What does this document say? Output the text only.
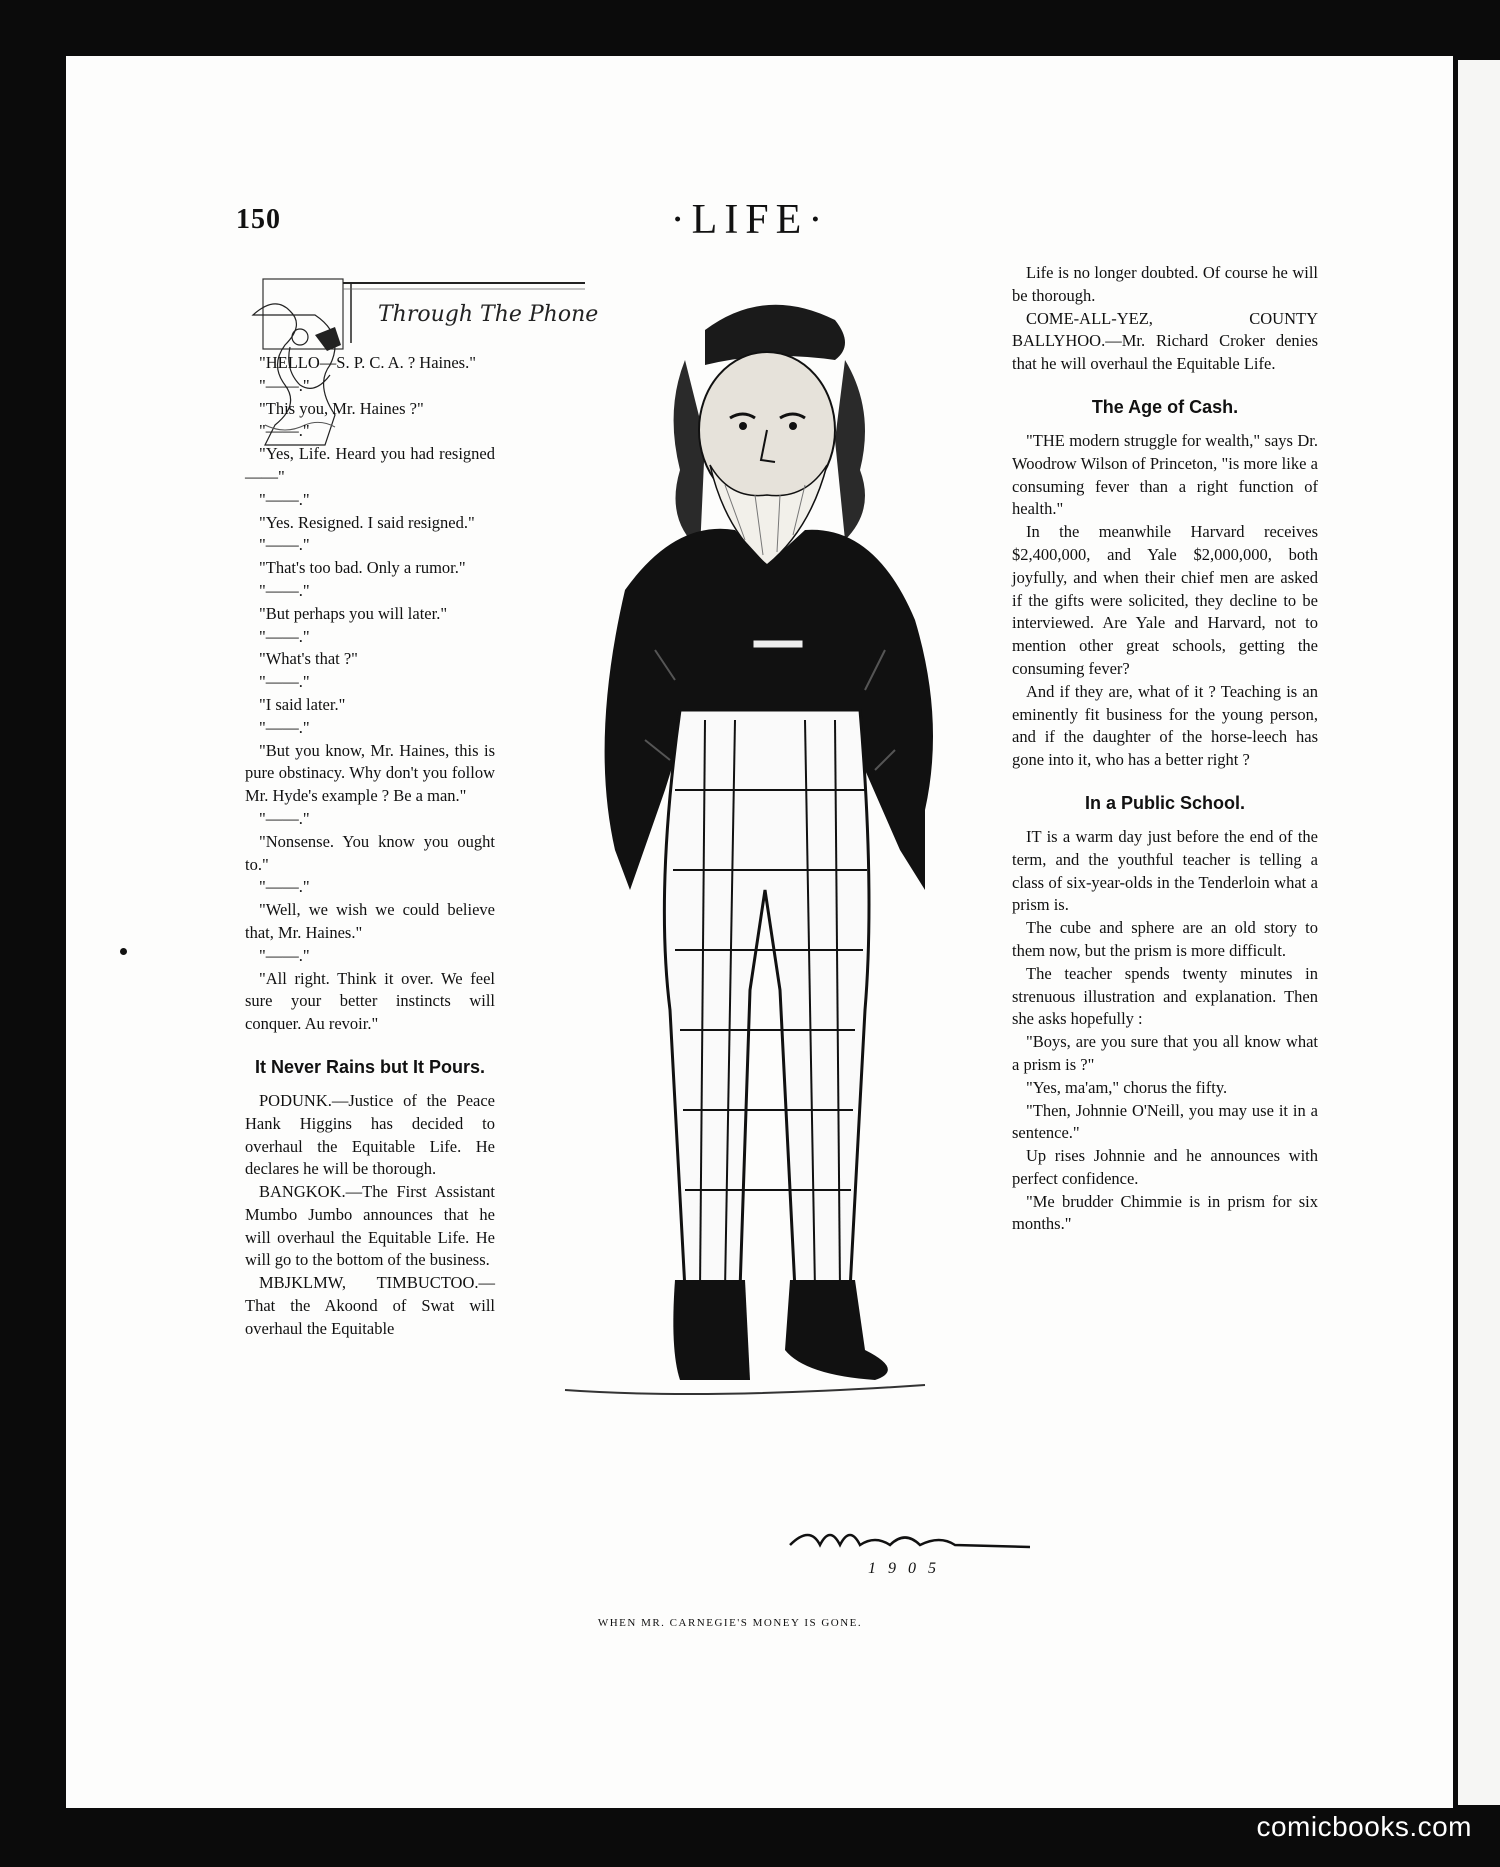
150	·LIFE·
Through The Phone

"HELLO—S. P. C. A. ? Haines."

"——."

"This you, Mr. Haines ?"

"——."

"Yes, Life. Heard you had resigned ——"

"——."

"Yes. Resigned. I said resigned."

"——."

"That's too bad. Only a rumor."

"——."

"But perhaps you will later."

"——."

"What's that ?"

"——."

"I said later."

"——."

"But you know, Mr. Haines, this is pure obstinacy. Why don't you follow Mr. Hyde's example ? Be a man."

"——."

"Nonsense. You know you ought to."

"——."

"Well, we wish we could believe that, Mr. Haines."

"——."

"All right. Think it over. We feel sure your better instincts will conquer. Au revoir."

It Never Rains but It Pours.

PODUNK.—Justice of the Peace Hank Higgins has decided to overhaul the Equitable Life. He declares he will be thorough.

BANGKOK.—The First Assistant Mumbo Jumbo announces that he will overhaul the Equitable Life. He will go to the bottom of the business.

MBJKLMW, TIMBUCTOO.—That the Akoond of Swat will overhaul the Equitable

1905
WHEN MR. CARNEGIE'S MONEY IS GONE.

Life is no longer doubted. Of course he will be thorough.

COME-ALL-YEZ, COUNTY BALLYHOO.—Mr. Richard Croker denies that he will overhaul the Equitable Life.

The Age of Cash.

"THE modern struggle for wealth," says Dr. Woodrow Wilson of Princeton, "is more like a consuming fever than a right function of health."

In the meanwhile Harvard receives $2,400,000, and Yale $2,000,000, both joyfully, and when their chief men are asked if the gifts were solicited, they decline to be interviewed. Are Yale and Harvard, not to mention other great schools, getting the consuming fever?

And if they are, what of it ? Teaching is an eminently fit business for the young person, and if the daughter of the horse-leech has gone into it, who has a better right ?

In a Public School.

IT is a warm day just before the end of the term, and the youthful teacher is telling a class of six-year-olds in the Tenderloin what a prism is.

The cube and sphere are an old story to them now, but the prism is more difficult.

The teacher spends twenty minutes in strenuous illustration and explanation. Then she asks hopefully :

"Boys, are you sure that you all know what a prism is ?"

"Yes, ma'am," chorus the fifty.

"Then, Johnnie O'Neill, you may use it in a sentence."

Up rises Johnnie and he announces with perfect confidence.

"Me brudder Chimmie is in prism for six months."

comicbooks.com
